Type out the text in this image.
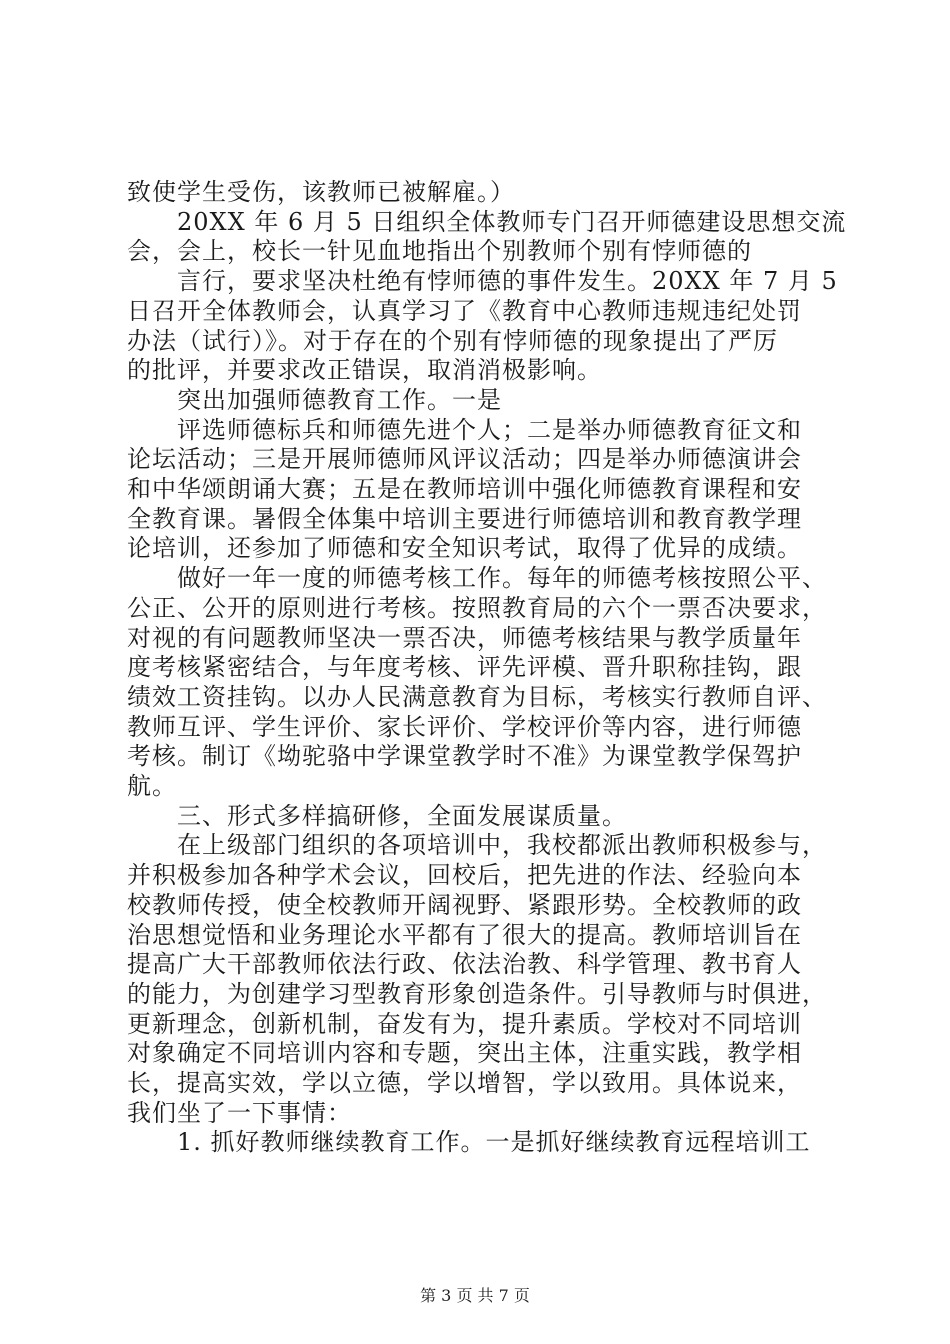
致使学生受伤，该教师已被解雇。）
　　20XX 年 6 月 5 日组织全体教师专门召开师德建设思想交流
会，会上，校长一针见血地指出个别教师个别有悖师德的
　　言行，要求坚决杜绝有悖师德的事件发生。20XX 年 7 月 5
日召开全体教师会，认真学习了《教育中心教师违规违纪处罚
办法（试行）》。对于存在的个别有悖师德的现象提出了严厉
的批评，并要求改正错误，取消消极影响。
　　突出加强师德教育工作。一是
　　评选师德标兵和师德先进个人；二是举办师德教育征文和
论坛活动；三是开展师德师风评议活动；四是举办师德演讲会
和中华颂朗诵大赛；五是在教师培训中强化师德教育课程和安
全教育课。暑假全体集中培训主要进行师德培训和教育教学理
论培训，还参加了师德和安全知识考试，取得了优异的成绩。
　　做好一年一度的师德考核工作。每年的师德考核按照公平、
公正、公开的原则进行考核。按照教育局的六个一票否决要求，
对视的有问题教师坚决一票否决，师德考核结果与教学质量年
度考核紧密结合，与年度考核、评先评模、晋升职称挂钩，跟
绩效工资挂钩。以办人民满意教育为目标，考核实行教师自评、
教师互评、学生评价、家长评价、学校评价等内容，进行师德
考核。制订《坳驼骆中学课堂教学时不准》为课堂教学保驾护
航。
　　三、形式多样搞研修，全面发展谋质量。
　　在上级部门组织的各项培训中，我校都派出教师积极参与，
并积极参加各种学术会议，回校后，把先进的作法、经验向本
校教师传授，使全校教师开阔视野、紧跟形势。全校教师的政
治思想觉悟和业务理论水平都有了很大的提高。教师培训旨在
提高广大干部教师依法行政、依法治教、科学管理、教书育人
的能力，为创建学习型教育形象创造条件。引导教师与时俱进，
更新理念，创新机制，奋发有为，提升素质。学校对不同培训
对象确定不同培训内容和专题，突出主体，注重实践，教学相
长，提高实效，学以立德，学以增智，学以致用。具体说来，
我们坐了一下事情：
　　1. 抓好教师继续教育工作。一是抓好继续教育远程培训工
第 3 页 共 7 页
